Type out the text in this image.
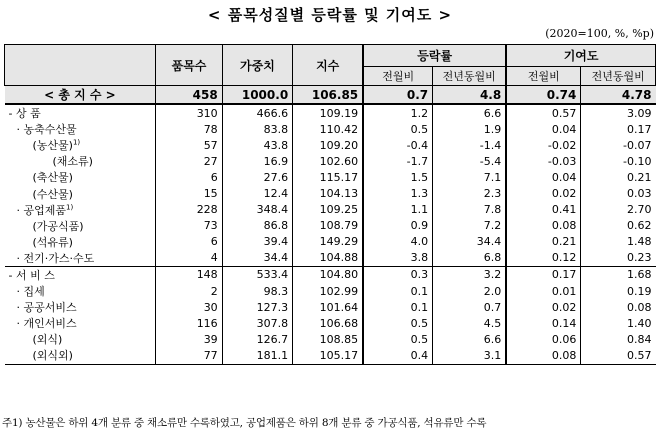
< 품목성질별 등락률 및 기여도 >
(2020=100, %, %p)
	품목수	가중치	지수	등락률		기여도	
				전월비	전년동월비	전월비	전년동월비
< 총 지 수 >	458	1000.0	106.85	0.7	4.8	0.74	4.78
- 상 품	310	466.6	109.19	1.2	6.6	0.57	3.09
· 농축수산물	78	83.8	110.42	0.5	1.9	0.04	0.17
(농산물)$^{1)}$	57	43.8	109.20	-0.4	-1.4	-0.02	-0.07
(채소류)	27	16.9	102.60	-1.7	-5.4	-0.03	-0.10
(축산물)	6	27.6	115.17	1.5	7.1	0.04	0.21
(수산물)	15	12.4	104.13	1.3	2.3	0.02	0.03
· 공업제품$^{1)}$	228	348.4	109.25	1.1	7.8	0.41	2.70
(가공식품)	73	86.8	108.79	0.9	7.2	0.08	0.62
(석유류)	6	39.4	149.29	4.0	34.4	0.21	1.48
· 전기·가스·수도	4	34.4	104.88	3.8	6.8	0.12	0.23
- 서 비 스	148	533.4	104.80	0.3	3.2	0.17	1.68
· 집세	2	98.3	102.99	0.1	2.0	0.01	0.19
· 공공서비스	30	127.3	101.64	0.1	0.7	0.02	0.08
· 개인서비스	116	307.8	106.68	0.5	4.5	0.14	1.40
(외식)	39	126.7	108.85	0.5	6.6	0.06	0.84
(외식외)	77	181.1	105.17	0.4	3.1	0.08	0.57
주1) 농산물은 하위 4개 분류 중 채소류만 수록하였고, 공업제품은 하위 8개 분류 중 가공식품, 석유류만 수록
